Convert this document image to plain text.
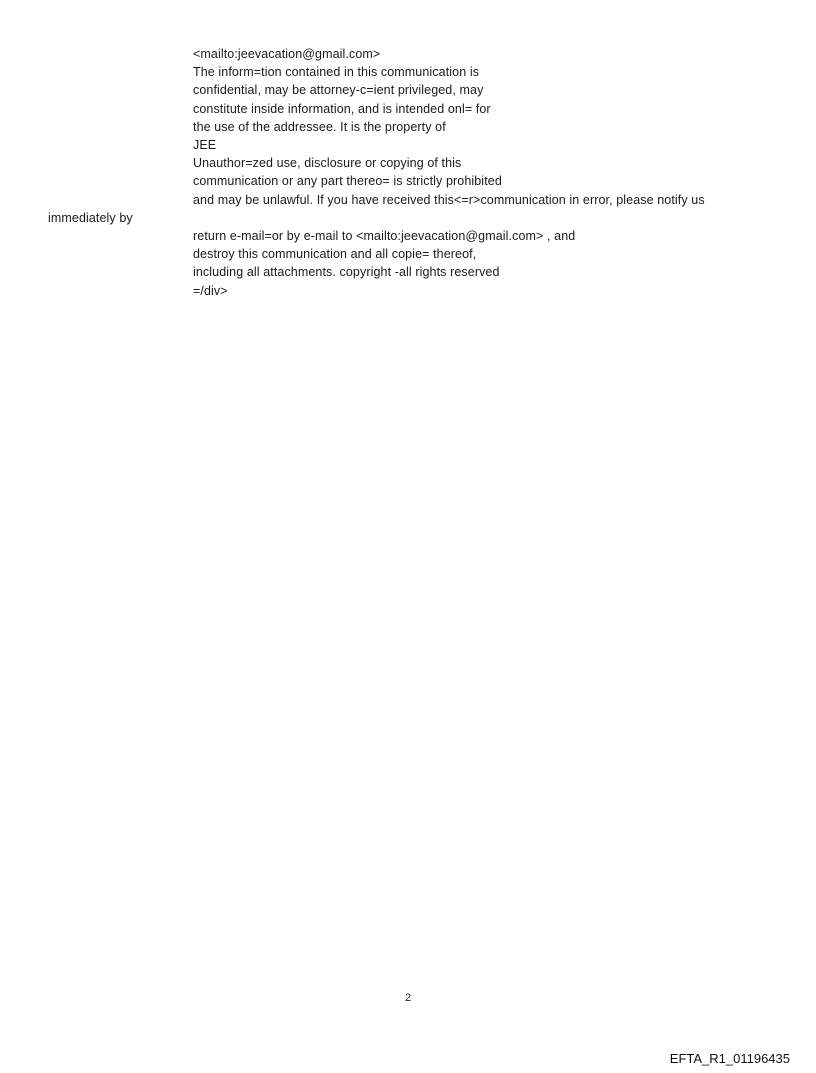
<mailto:jeevacation@gmail.com>
The inform=tion contained in this communication is
confidential, may be attorney-c=ient privileged, may
constitute inside information, and is intended onl= for
the use of the addressee. It is the property of
JEE
Unauthor=zed use, disclosure or copying of this
communication or any part thereo= is strictly prohibited
and may be unlawful. If you have received this<=r>communication in error, please notify us
immediately by
return e-mail=or by e-mail to <mailto:jeevacation@gmail.com> , and
destroy this communication and all copie= thereof,
including all attachments. copyright -all rights reserved
=/div>
2
EFTA_R1_01196435
